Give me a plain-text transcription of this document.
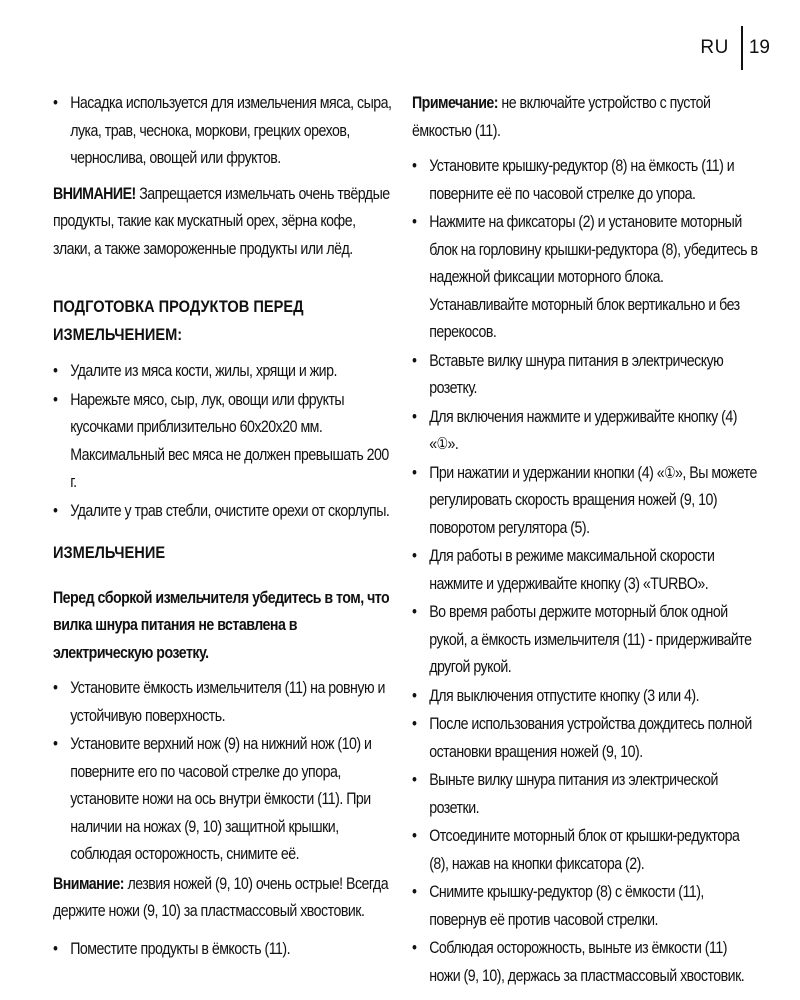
RU	19
• Насадка используется для измельчения мяса, сыра, лука, трав, чеснока, моркови, грецких орехов, чернослива, овощей или фруктов.

ВНИМАНИЕ! Запрещается измельчать очень твёрдые продукты, такие как мускатный орех, зёрна кофе, злаки, а также замороженные продукты или лёд.

ПОДГОТОВКА ПРОДУКТОВ ПЕРЕД ИЗМЕЛЬЧЕНИЕМ:
• Удалите из мяса кости, жилы, хрящи и жир.
• Нарежьте мясо, сыр, лук, овощи или фрукты кусочками приблизительно 60х20х20 мм. Максимальный вес мяса не должен превышать 200 г.
• Удалите у трав стебли, очистите орехи от скорлупы.
ИЗМЕЛЬЧЕНИЕ

Перед сборкой измельчителя убедитесь в том, что вилка шнура питания не вставлена в электрическую розетку.

• Установите ёмкость измельчителя (11) на ровную и устойчивую поверхность.
• Установите верхний нож (9) на нижний нож (10) и поверните его по часовой стрелке до упора, установите ножи на ось внутри ёмкости (11). При наличии на ножах (9, 10) защитной крышки, соблюдая осторожность, снимите её.

Внимание: лезвия ножей (9, 10) очень острые! Всегда держите ножи (9, 10) за пластмассовый хвостовик.

• Поместите продукты в ёмкость (11).

Примечание: не включайте устройство с пустой ёмкостью (11).

• Установите крышку-редуктор (8) на ёмкость (11) и поверните её по часовой стрелке до упора.
• Нажмите на фиксаторы (2) и установите моторный блок на горловину крышки-редуктора (8), убедитесь в надежной фиксации моторного блока. Устанавливайте моторный блок вертикально и без перекосов.
• Вставьте вилку шнура питания в электрическую розетку.
• Для включения нажмите и удерживайте кнопку (4) «①».
• При нажатии и удержании кнопки (4) «①», Вы можете регулировать скорость вращения ножей (9, 10) поворотом регулятора (5).
• Для работы в режиме максимальной скорости нажмите и удерживайте кнопку (3) «TURBO».
• Во время работы держите моторный блок одной рукой, а ёмкость измельчителя (11) - придерживайте другой рукой.
• Для выключения отпустите кнопку (3 или 4).
• После использования устройства дождитесь полной остановки вращения ножей (9, 10).
• Выньте вилку шнура питания из электрической розетки.
• Отсоедините моторный блок от крышки-редуктора (8), нажав на кнопки фиксатора (2).
• Снимите крышку-редуктор (8) с ёмкости (11), повернув её против часовой стрелки.
• Соблюдая осторожность, выньте из ёмкости (11) ножи (9, 10), держась за пластмассовый хвостовик.
